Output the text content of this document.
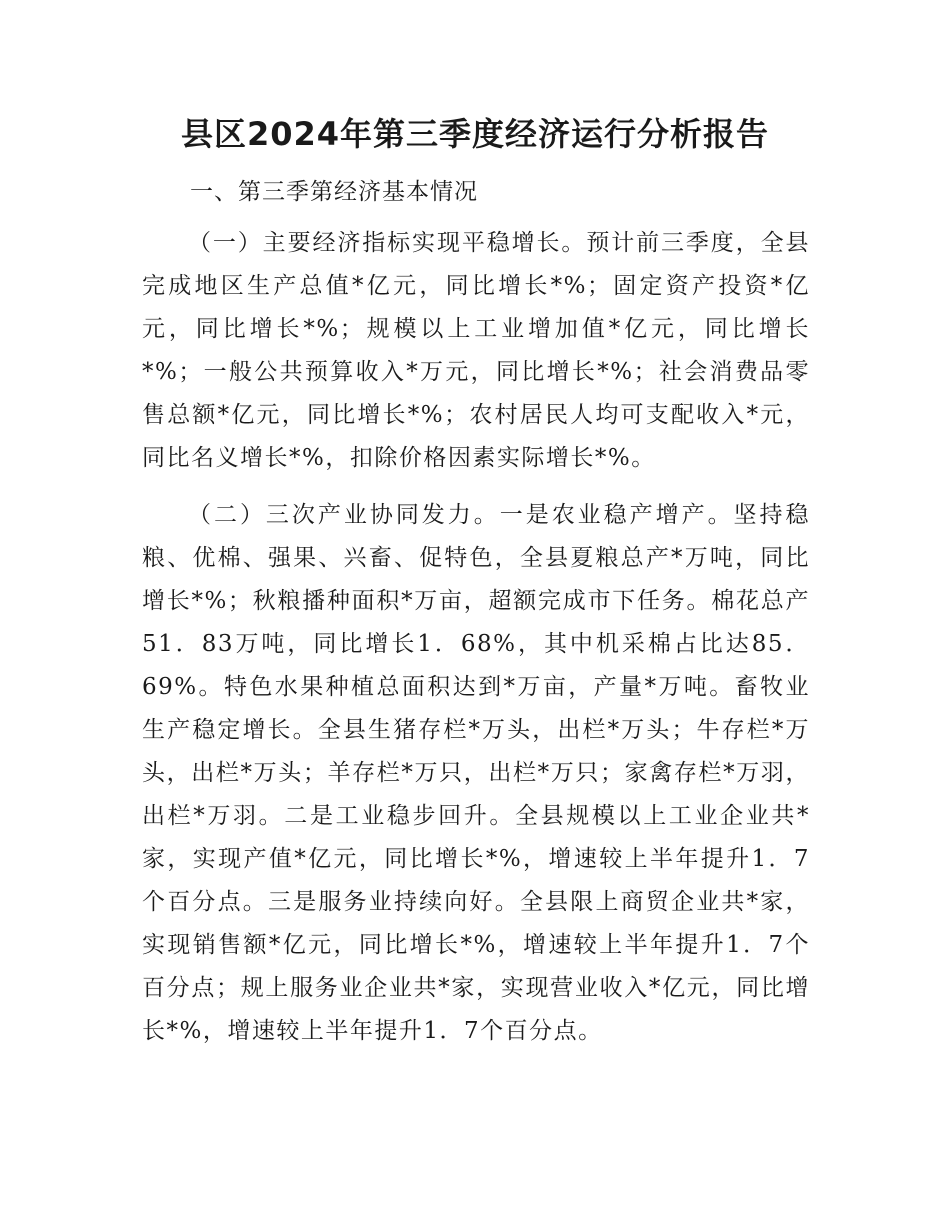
县区2024年第三季度经济运行分析报告

一、第三季第经济基本情况

（一）主要经济指标实现平稳增长。预计前三季度，全县完成地区生产总值*亿元，同比增长*%；固定资产投资*亿元，同比增长*%；规模以上工业增加值*亿元，同比增长*%；一般公共预算收入*万元，同比增长*%；社会消费品零售总额*亿元，同比增长*%；农村居民人均可支配收入*元，同比名义增长*%，扣除价格因素实际增长*%。

（二）三次产业协同发力。一是农业稳产增产。坚持稳粮、优棉、强果、兴畜、促特色，全县夏粮总产*万吨，同比增长*%；秋粮播种面积*万亩，超额完成市下任务。棉花总产51．83万吨，同比增长1．68%，其中机采棉占比达85．69%。特色水果种植总面积达到*万亩，产量*万吨。畜牧业生产稳定增长。全县生猪存栏*万头，出栏*万头；牛存栏*万头，出栏*万头；羊存栏*万只，出栏*万只；家禽存栏*万羽，出栏*万羽。二是工业稳步回升。全县规模以上工业企业共*家，实现产值*亿元，同比增长*%，增速较上半年提升1．7个百分点。三是服务业持续向好。全县限上商贸企业共*家，实现销售额*亿元，同比增长*%，增速较上半年提升1．7个百分点；规上服务业企业共*家，实现营业收入*亿元，同比增长*%，增速较上半年提升1．7个百分点。
